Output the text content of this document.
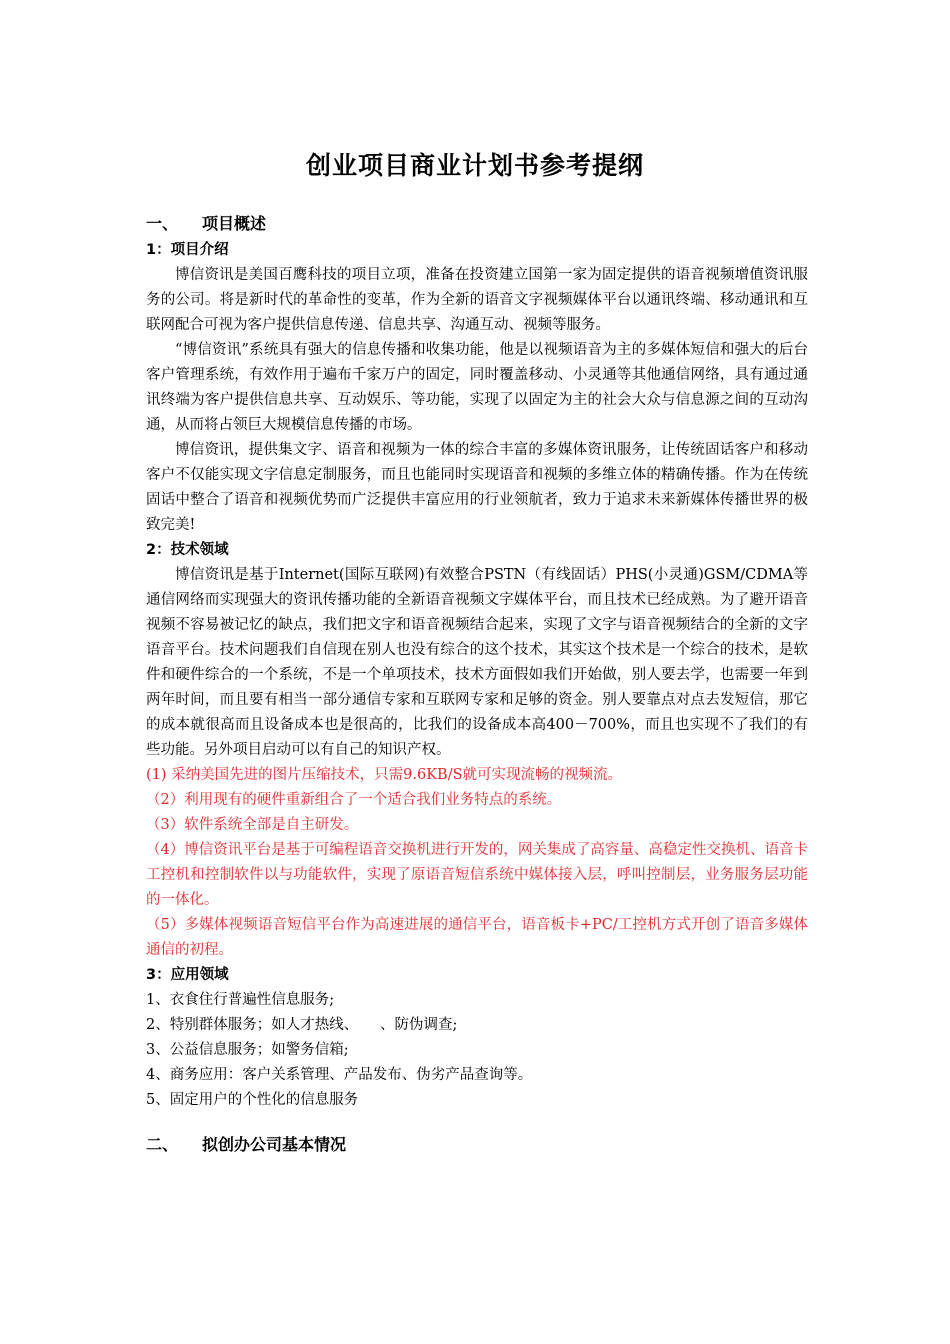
创业项目商业计划书参考提纲
一、 项目概述
1：项目介绍

博信资讯是美国百鹰科技的项目立项，准备在投资建立国第一家为固定提供的语音视频增值资讯服务的公司。将是新时代的革命性的变革，作为全新的语音文字视频媒体平台以通讯终端、移动通讯和互联网配合可视为客户提供信息传递、信息共享、沟通互动、视频等服务。

“博信资讯”系统具有强大的信息传播和收集功能，他是以视频语音为主的多媒体短信和强大的后台客户管理系统，有效作用于遍布千家万户的固定，同时覆盖移动、小灵通等其他通信网络，具有通过通讯终端为客户提供信息共享、互动娱乐、等功能，实现了以固定为主的社会大众与信息源之间的互动沟通，从而将占领巨大规模信息传播的市场。

博信资讯，提供集文字、语音和视频为一体的综合丰富的多媒体资讯服务，让传统固话客户和移动客户不仅能实现文字信息定制服务，而且也能同时实现语音和视频的多维立体的精确传播。作为在传统固话中整合了语音和视频优势而广泛提供丰富应用的行业领航者，致力于追求未来新媒体传播世界的极致完美!

2：技术领域

博信资讯是基于Internet(国际互联网)有效整合PSTN（有线固话）PHS(小灵通)GSM/CDMA等通信网络而实现强大的资讯传播功能的全新语音视频文字媒体平台，而且技术已经成熟。为了避开语音视频不容易被记忆的缺点，我们把文字和语音视频结合起来，实现了文字与语音视频结合的全新的文字语音平台。技术问题我们自信现在别人也没有综合的这个技术，其实这个技术是一个综合的技术，是软件和硬件综合的一个系统，不是一个单项技术，技术方面假如我们开始做，别人要去学，也需要一年到两年时间，而且要有相当一部分通信专家和互联网专家和足够的资金。别人要靠点对点去发短信，那它的成本就很高而且设备成本也是很高的，比我们的设备成本高400－700%，而且也实现不了我们的有些功能。另外项目启动可以有自己的知识产权。

(1) 采纳美国先进的图片压缩技术，只需9.6KB/S就可实现流畅的视频流。

（2）利用现有的硬件重新组合了一个适合我们业务特点的系统。

（3）软件系统全部是自主研发。

（4）博信资讯平台是基于可编程语音交换机进行开发的，网关集成了高容量、高稳定性交换机、语音卡工控机和控制软件以与功能软件，实现了原语音短信系统中媒体接入层，呼叫控制层，业务服务层功能的一体化。

（5）多媒体视频语音短信平台作为高速进展的通信平台，语音板卡+PC/工控机方式开创了语音多媒体通信的初程。

3：应用领域

1、衣食住行普遍性信息服务;

2、特别群体服务；如人才热线、　　、防伪调查;

3、公益信息服务；如警务信箱;

4、商务应用：客户关系管理、产品发布、伪劣产品查询等。

5、固定用户的个性化的信息服务

二、 拟创办公司基本情况
